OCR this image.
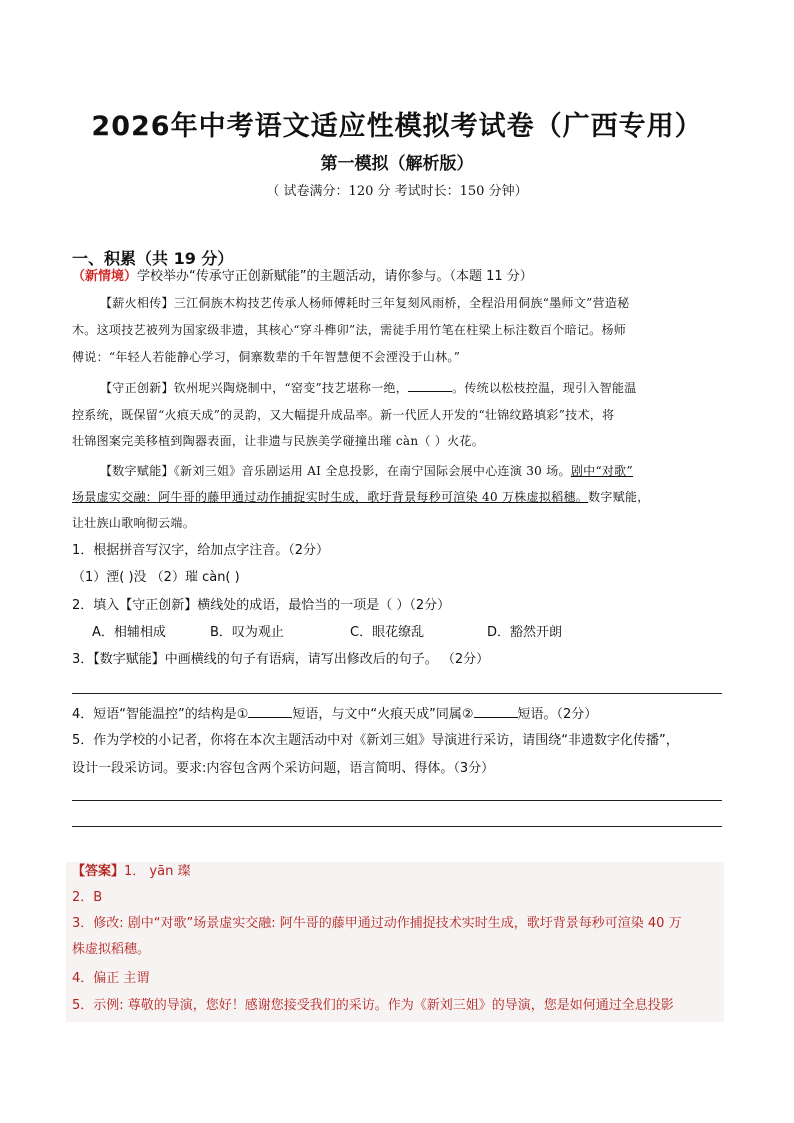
2026年中考语文适应性模拟考试卷（广西专用）
第一模拟（解析版）
（ 试卷满分：120 分 考试时长：150 分钟）
一、积累（共 19 分）
（新情境）学校举办“传承守正创新赋能”的主题活动，请你参与。（本题 11 分）
【薪火相传】三江侗族木构技艺传承人杨师傅耗时三年复刻风雨桥，全程沿用侗族“墨师文”营造秘
木。这项技艺被列为国家级非遗，其核心“穿斗榫卯”法，需徒手用竹笔在柱梁上标注数百个暗记。杨师
傅说：“年轻人若能静心学习，侗寨数辈的千年智慧便不会湮没于山林。”
【守正创新】钦州坭兴陶烧制中，“窑变”技艺堪称一绝，	。传统以松枝控温，现引入智能温
控系统，既保留“火痕天成”的灵韵，又大幅提升成品率。新一代匠人开发的“壮锦纹路填彩”技术，将
壮锦图案完美移植到陶器表面，让非遗与民族美学碰撞出璀 càn（ ）火花。
【数字赋能】《新刘三姐》音乐剧运用 AI 全息投影，在南宁国际会展中心连演 30 场。剧中“对歌”
场景虚实交融：阿牛哥的藤甲通过动作捕捉实时生成，歌圩背景每秒可渲染 40 万株虚拟稻穗。数字赋能，
让壮族山歌响彻云端。
1．根据拼音写汉字，给加点字注音。（2分）
（1）湮( )没 （2）璀 càn( )
2．填入【守正创新】横线处的成语，最恰当的一项是（ ）（2分）
A．相辅相成	B．叹为观止	C．眼花缭乱	D．豁然开朗
3．【数字赋能】中画横线的句子有语病，请写出修改后的句子。 （2分）
4．短语“智能温控”的结构是①	短语，与文中“火痕天成”同属②	短语。（2分）
5．作为学校的小记者，你将在本次主题活动中对《新刘三姐》导演进行采访，请围绕“非遗数字化传播”，
设计一段采访词。要求:内容包含两个采访问题，语言简明、得体。（3分）
【答案】1． yān 璨
2．B
3．修改: 剧中“对歌”场景虚实交融: 阿牛哥的藤甲通过动作捕捉技术实时生成，歌圩背景每秒可渲染 40 万
株虚拟稻穗。
4．偏正 主谓
5．示例: 尊敬的导演，您好！感谢您接受我们的采访。作为《新刘三姐》的导演，您是如何通过全息投影
